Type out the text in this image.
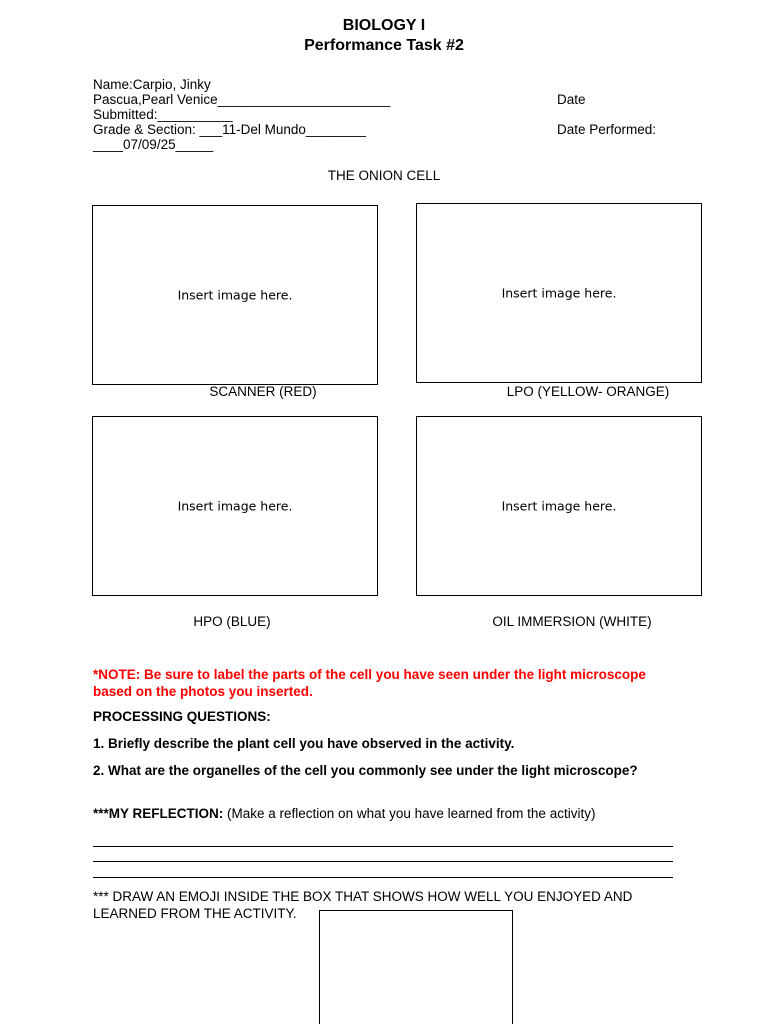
BIOLOGY I
Performance Task #2
Name:Carpio, Jinky
Pascua,Pearl Venice_______________________	Date
Submitted:__________
Grade & Section: ___11-Del Mundo________	Date Performed:
____07/09/25_____
THE ONION CELL
Insert image here.	Insert image here.
SCANNER (RED)	LPO (YELLOW- ORANGE)
Insert image here.	Insert image here.
HPO (BLUE)	OIL IMMERSION (WHITE)
*NOTE: Be sure to label the parts of the cell you have seen under the light microscope
based on the photos you inserted.
PROCESSING QUESTIONS:
1. Briefly describe the plant cell you have observed in the activity.
2. What are the organelles of the cell you commonly see under the light microscope?
***MY REFLECTION: (Make a reflection on what you have learned from the activity)
*** DRAW AN EMOJI INSIDE THE BOX THAT SHOWS HOW WELL YOU ENJOYED AND
LEARNED FROM THE ACTIVITY.
